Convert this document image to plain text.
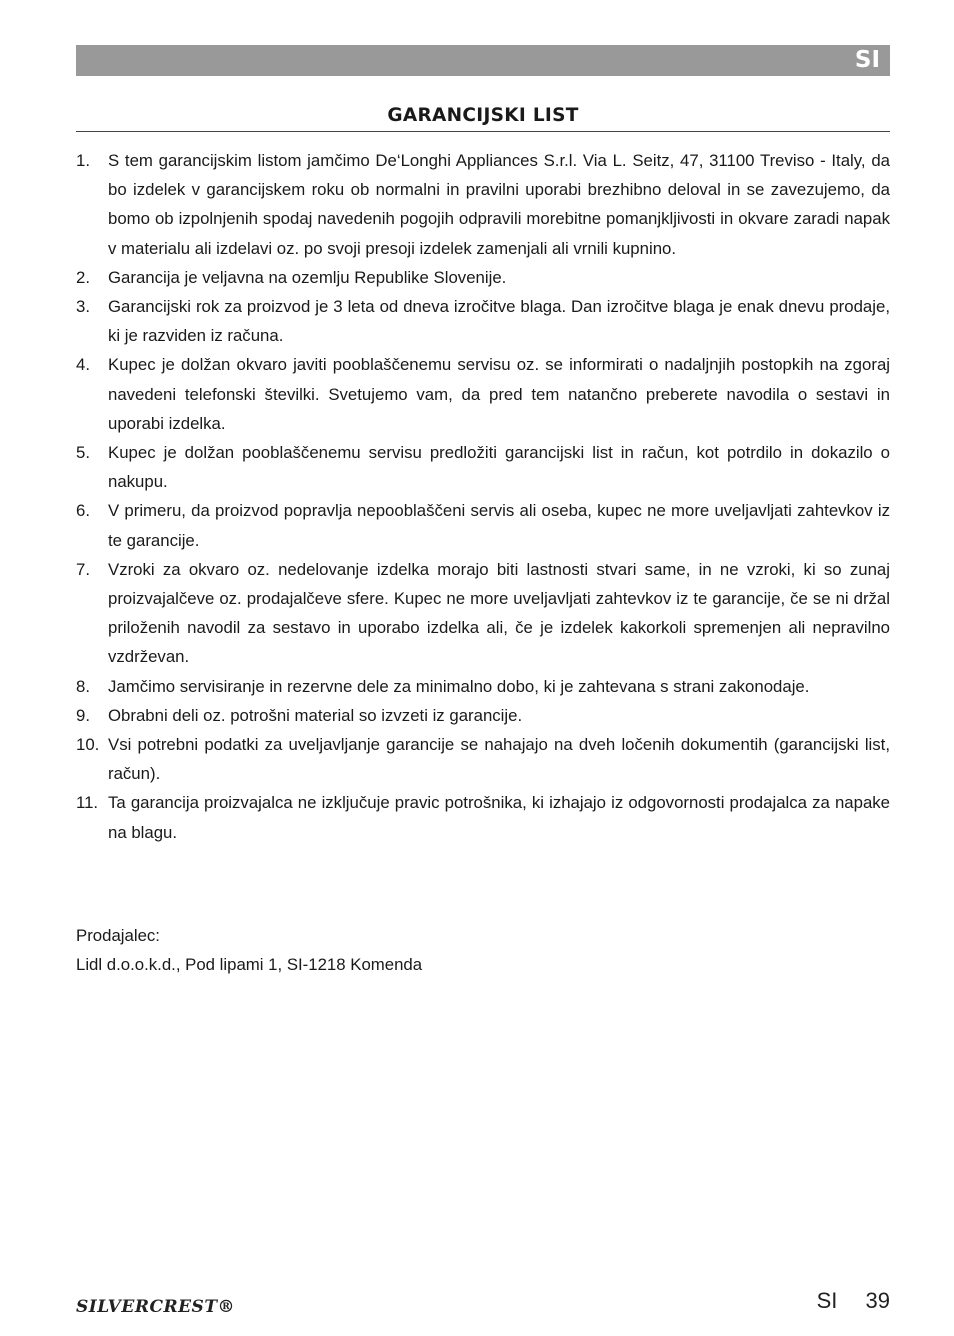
SI
GARANCIJSKI LIST
1. S tem garancijskim listom jamčimo De‘Longhi Appliances S.r.l. Via L. Seitz, 47, 31100 Treviso - Italy, da bo izdelek v garancijskem roku ob normalni in pravilni uporabi brezhibno deloval in se zavezujemo, da bomo ob izpolnjenih spodaj navedenih pogojih odpravili morebitne pomanjkljivosti in okvare zaradi napak v materialu ali izdelavi oz. po svoji presoji izdelek zamenjali ali vrnili kupnino.
2. Garancija je veljavna na ozemlju Republike Slovenije.
3. Garancijski rok za proizvod je 3 leta od dneva izročitve blaga. Dan izročitve blaga je enak dnevu prodaje, ki je razviden iz računa.
4. Kupec je dolžan okvaro javiti pooblaščenemu servisu oz. se informirati o nadaljnjih postopkih na zgoraj navedeni telefonski številki. Svetujemo vam, da pred tem natančno preberete navodila o sestavi in uporabi izdelka.
5. Kupec je dolžan pooblaščenemu servisu predložiti garancijski list in račun, kot potrdilo in dokazilo o nakupu.
6. V primeru, da proizvod popravlja nepooblaščeni servis ali oseba, kupec ne more uveljavljati zahtevkov iz te garancije.
7. Vzroki za okvaro oz. nedelovanje izdelka morajo biti lastnosti stvari same, in ne vzroki, ki so zunaj proizvajalčeve oz. prodajalčeve sfere. Kupec ne more uveljavljati zahtevkov iz te garancije, če se ni držal priloženih navodil za sestavo in uporabo izdelka ali, če je izdelek kakorkoli spremenjen ali nepravilno vzdrževan.
8. Jamčimo servisiranje in rezervne dele za minimalno dobo, ki je zahtevana s strani zakonodaje.
9. Obrabni deli oz. potrošni material so izvzeti iz garancije.
10. Vsi potrebni podatki za uveljavljanje garancije se nahajajo na dveh ločenih dokumentih (garancijski list, račun).
11. Ta garancija proizvajalca ne izključuje pravic potrošnika, ki izhajajo iz odgovornosti prodajalca za napake na blagu.
Prodajalec:
Lidl d.o.o.k.d., Pod lipami 1, SI-1218 Komenda
SILVERCREST®	SI 39
